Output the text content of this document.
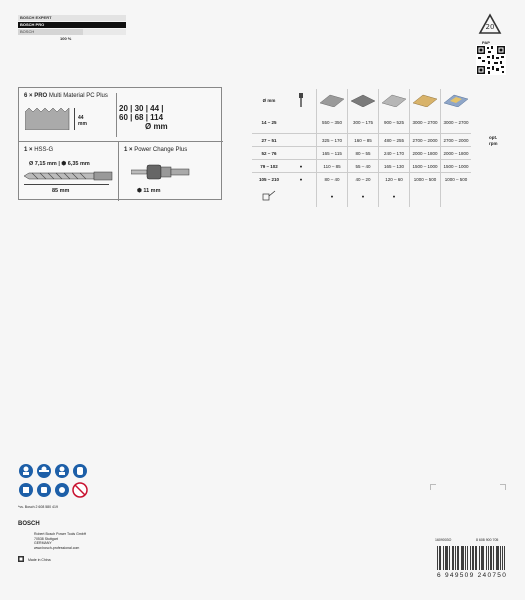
BOSCH EXPERT
BOSCH PRO
BOSCH
100 %
20
PAP
6 × PRO Multi Material PC Plus
44
mm
20 | 30 | 44 |
60 | 68 | 114
Ø mm
1 × HSS-G
Ø 7,15 mm | ⬢ 6,35 mm
85 mm
1 × Power Change Plus
⬢ 11 mm
Ø mm						
14 – 25		550 – 350	300 – 175	900 – 525	3000 – 2700	3000 – 2700
27 – 51		325 – 170	160 – 85	480 – 255	2700 – 2000	2700 – 2000
52 – 76		165 – 115	80 – 55	240 – 170	2000 – 1800	2000 – 1800
79 – 102	●	110 – 85	55 – 40	165 – 130	1500 – 1000	1500 – 1000
105 – 210	●	80 – 40	40 – 20	120 – 60	1000 – 500	1000 – 500
		●	●	●		
opt.
rpm
*vs. Bosch 2 608 580 419
BOSCH
Robert Bosch Power Tools GmbH
70538 Stuttgart
GERMANY
www.bosch-professional.com
Made in China
1609003O	8 608 900 705
6 949509 240750
